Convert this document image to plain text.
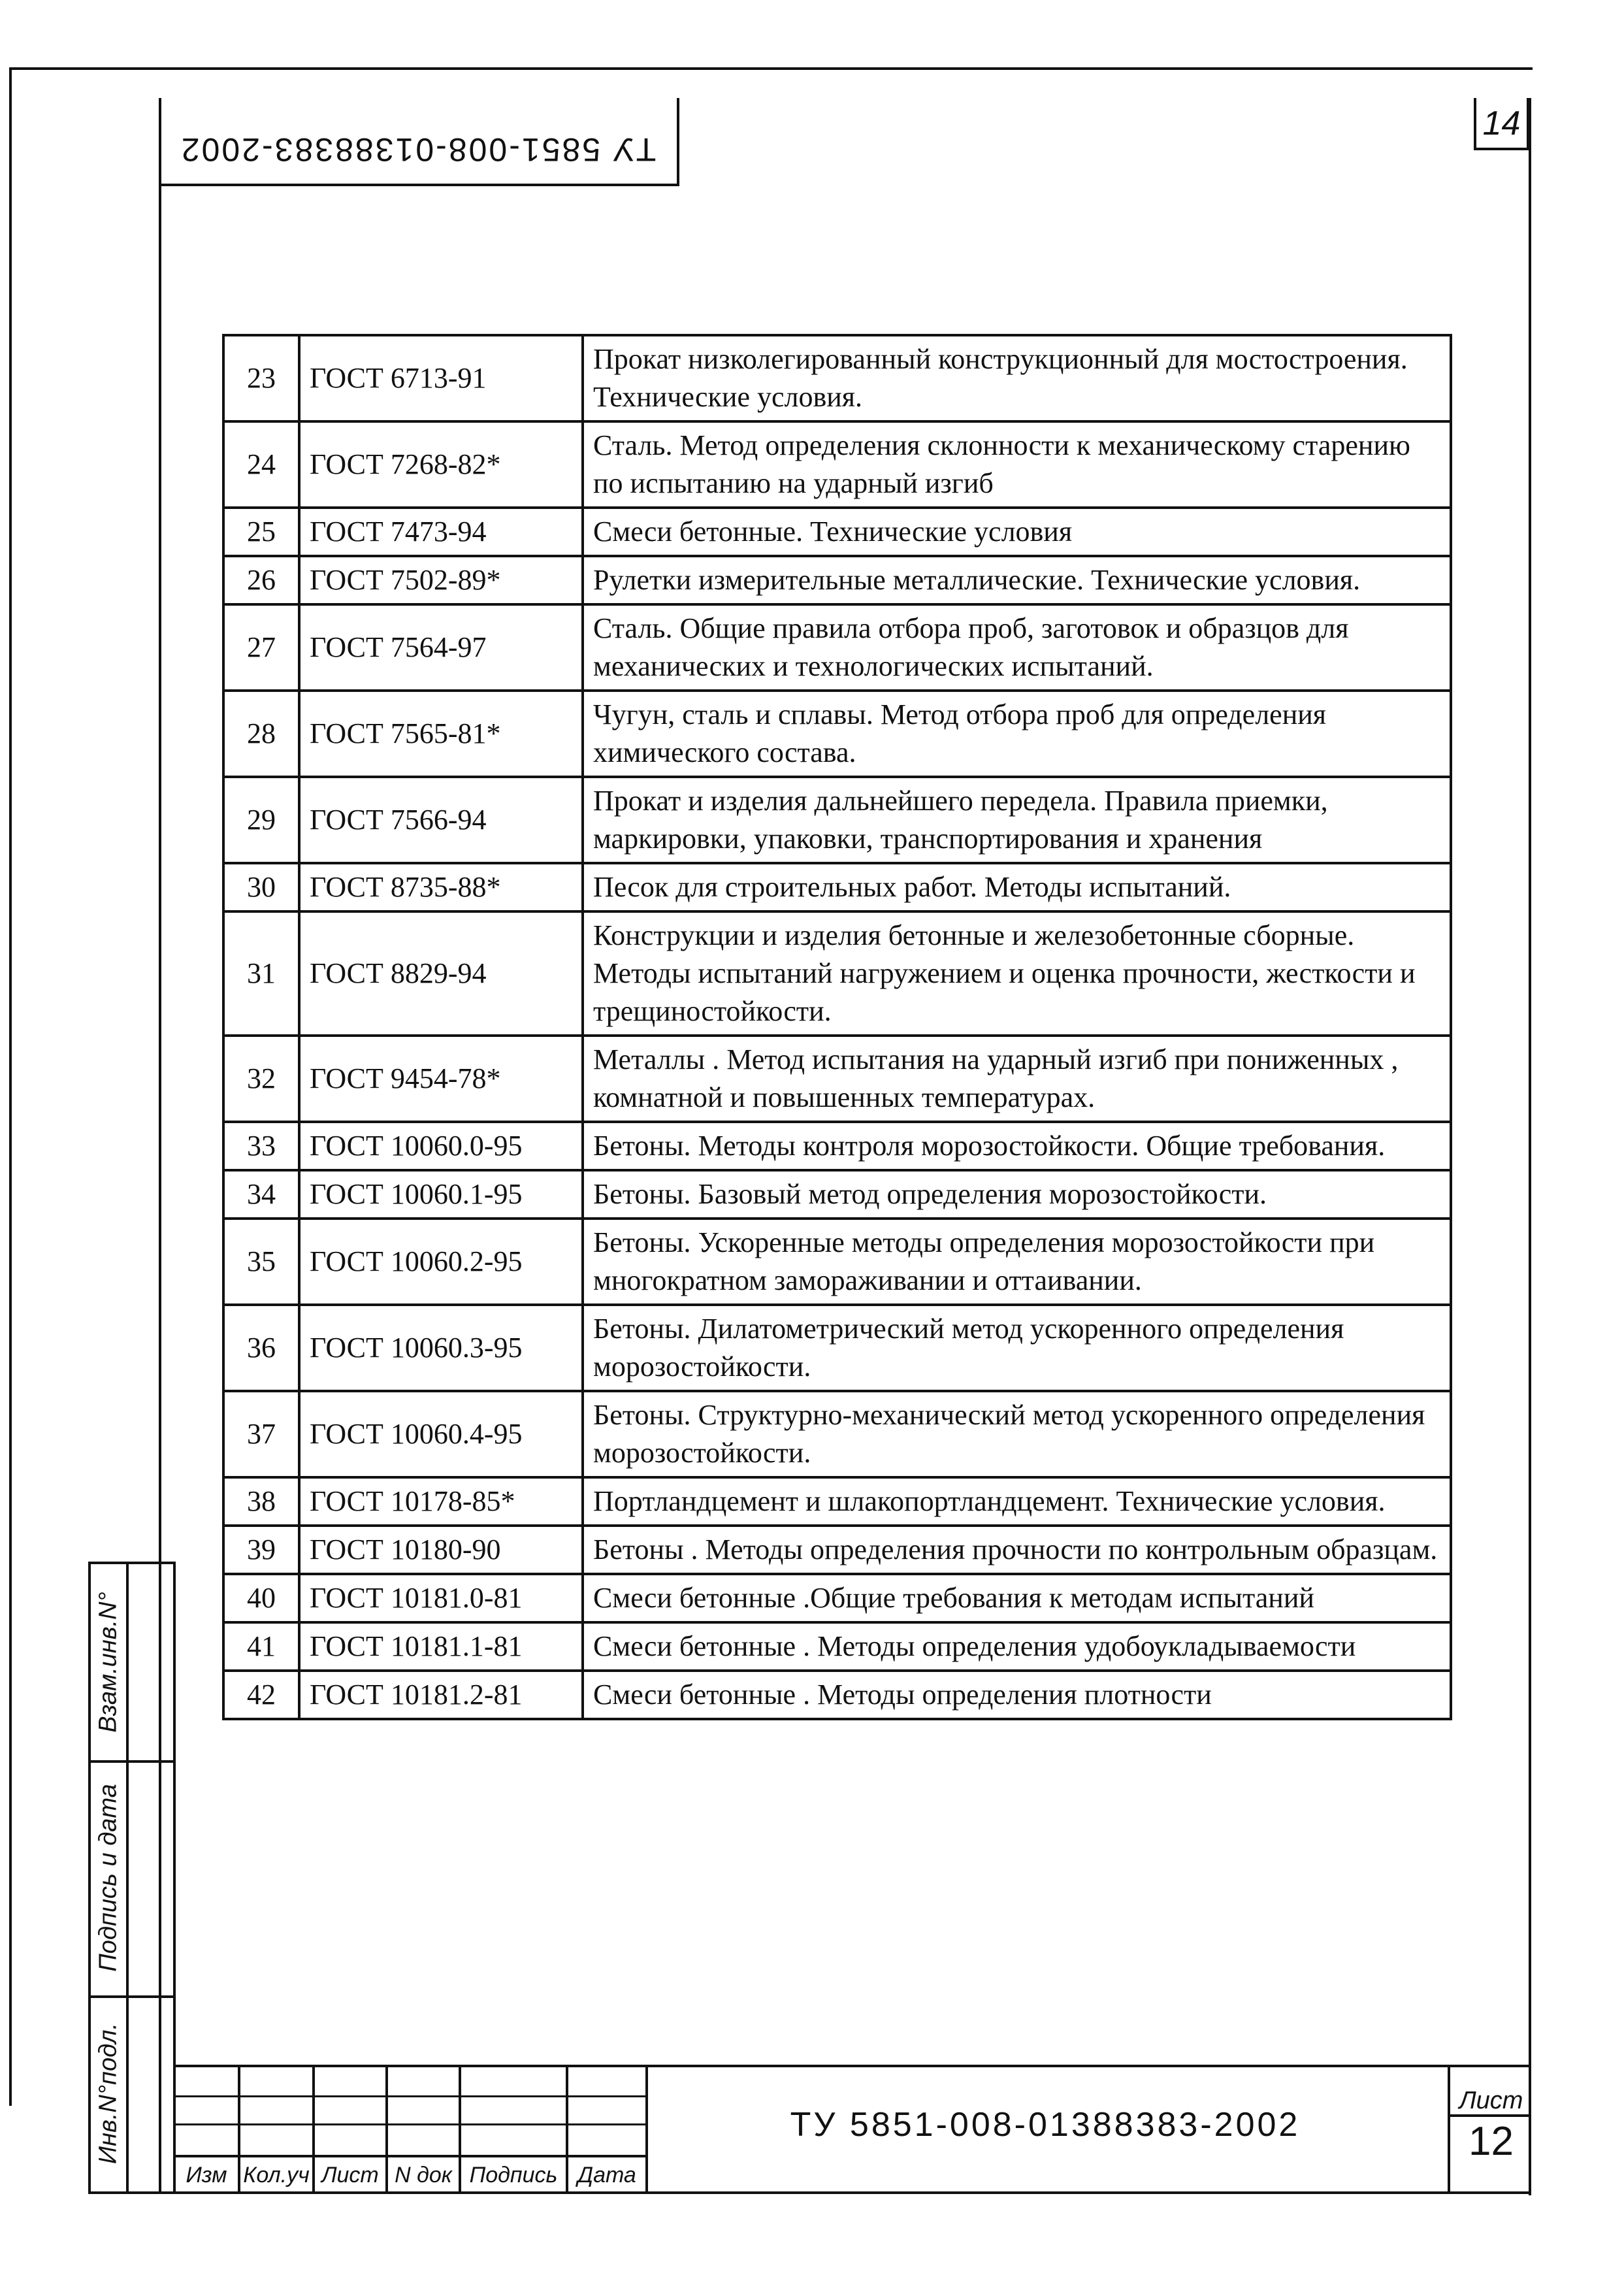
ТУ 5851-008-01388383-2002
14
23	ГОСТ 6713-91	Прокат низколегированный конструкционный для мостостроения. Технические условия.
24	ГОСТ 7268-82*	Сталь. Метод определения склонности к механическому старению по испытанию на ударный изгиб
25	ГОСТ 7473-94	Смеси бетонные. Технические условия
26	ГОСТ 7502-89*	Рулетки измерительные металлические. Технические условия.
27	ГОСТ 7564-97	Сталь. Общие правила отбора проб, заготовок и образцов для механических и технологических испытаний.
28	ГОСТ 7565-81*	Чугун, сталь и сплавы. Метод отбора проб для определения химического состава.
29	ГОСТ 7566-94	Прокат и изделия дальнейшего передела. Правила приемки, маркировки, упаковки, транспортирования и хранения
30	ГОСТ 8735-88*	Песок для строительных работ. Методы испытаний.
31	ГОСТ 8829-94	Конструкции и изделия бетонные и железобетонные сборные. Методы испытаний нагружением и оценка прочности, жесткости и трещиностойкости.
32	ГОСТ 9454-78*	Металлы . Метод испытания на ударный изгиб при пониженных , комнатной и повышенных температурах.
33	ГОСТ 10060.0-95	Бетоны. Методы контроля морозостойкости. Общие требования.
34	ГОСТ 10060.1-95	Бетоны. Базовый метод определения морозостойкости.
35	ГОСТ 10060.2-95	Бетоны. Ускоренные методы определения морозостойкости при многократном замораживании и оттаивании.
36	ГОСТ 10060.3-95	Бетоны. Дилатометрический метод ускоренного определения морозостойкости.
37	ГОСТ 10060.4-95	Бетоны. Структурно-механический метод ускоренного определения морозостойкости.
38	ГОСТ 10178-85*	Портландцемент и шлакопортландцемент. Технические условия.
39	ГОСТ 10180-90	Бетоны . Методы определения прочности по контрольным образцам.
40	ГОСТ 10181.0-81	Смеси бетонные .Общие требования к методам испытаний
41	ГОСТ 10181.1-81	Смеси бетонные . Методы определения удобоукладываемости
42	ГОСТ 10181.2-81	Смеси бетонные . Методы определения плотности
Взам.инв.N°
Подпись и дата
Инв.N°подл.
Изм Кол.уч Лист N док Подпись Дата
ТУ 5851-008-01388383-2002
Лист
12
